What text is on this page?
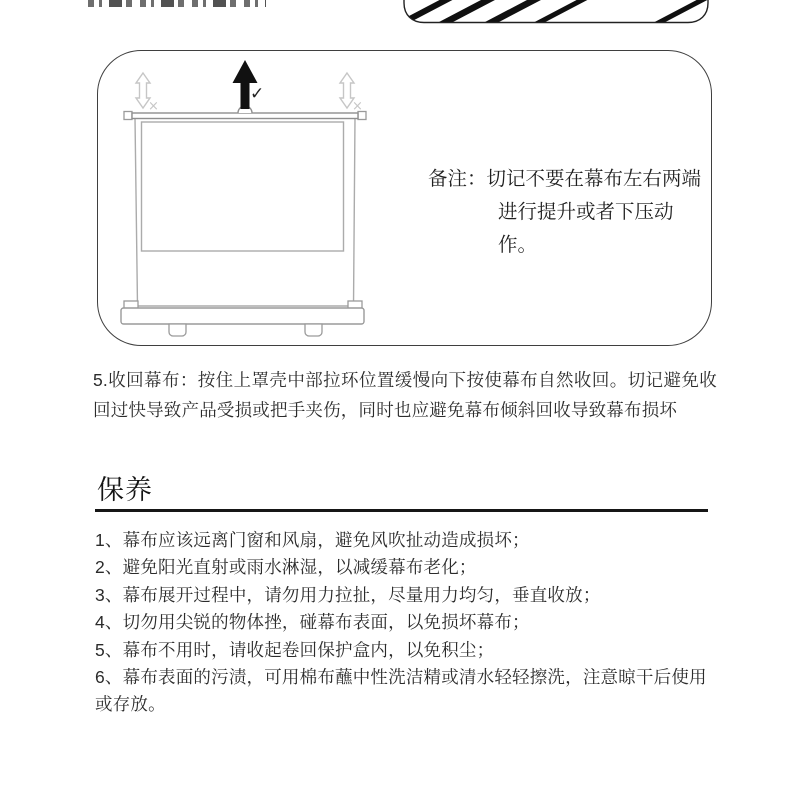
✓
×	×
备注：切记不要在幕布左右两端
进行提升或者下压动作。

5.收回幕布：按住上罩壳中部拉环位置缓慢向下按使幕布自然收回。切记避免收回过快导致产品受损或把手夹伤，同时也应避免幕布倾斜回收导致幕布损坏

保养
1、幕布应该远离门窗和风扇，避免风吹扯动造成损坏；
2、避免阳光直射或雨水淋湿，以减缓幕布老化；
3、幕布展开过程中，请勿用力拉扯，尽量用力均匀，垂直收放；
4、切勿用尖锐的物体挫，碰幕布表面，以免损坏幕布；
5、幕布不用时，请收起卷回保护盒内，以免积尘；
6、幕布表面的污渍，可用棉布蘸中性洗洁精或清水轻轻擦洗，注意晾干后使用或存放。
